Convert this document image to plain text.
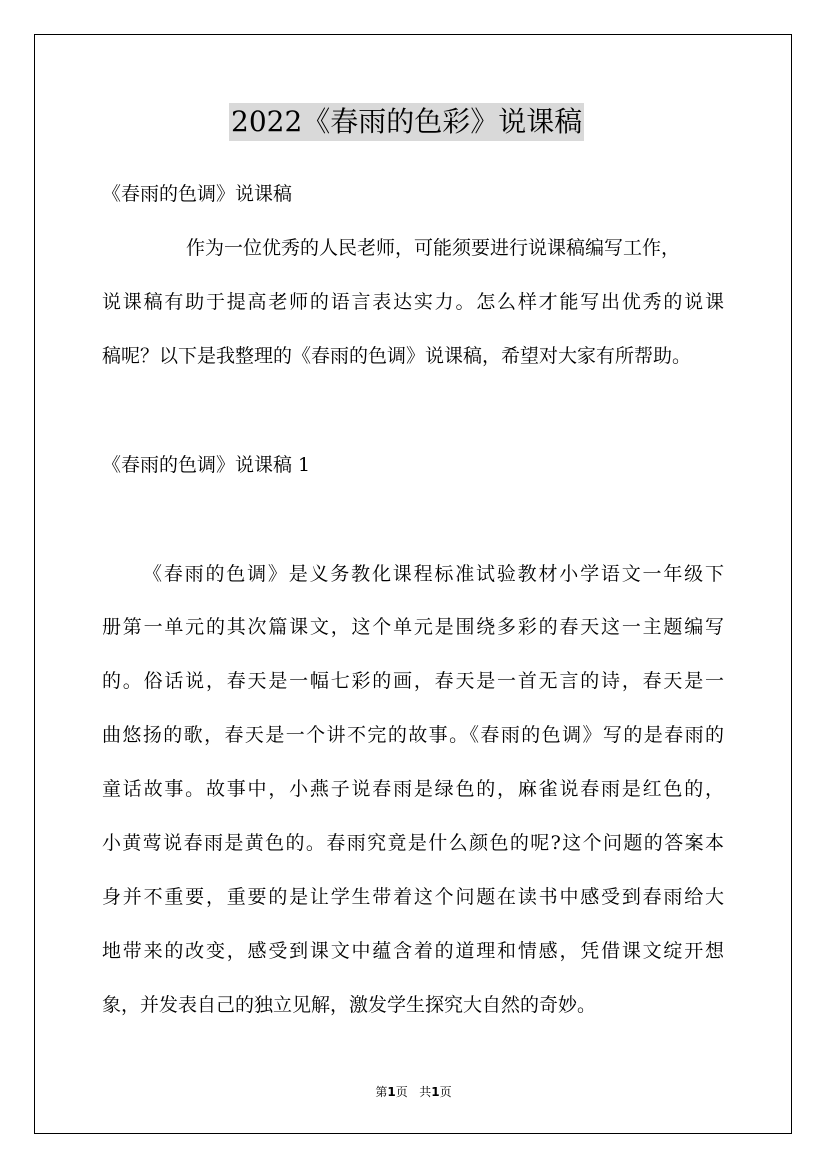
2022《春雨的色彩》说课稿
《春雨的色调》说课稿
作为一位优秀的人民老师，可能须要进行说课稿编写工作，
说课稿有助于提高老师的语言表达实力。怎么样才能写出优秀的说课
稿呢？以下是我整理的《春雨的色调》说课稿，希望对大家有所帮助。
《春雨的色调》说课稿 1
《春雨的色调》是义务教化课程标准试验教材小学语文一年级下
册第一单元的其次篇课文，这个单元是围绕多彩的春天这一主题编写
的。俗话说，春天是一幅七彩的画，春天是一首无言的诗，春天是一
曲悠扬的歌，春天是一个讲不完的故事。《春雨的色调》写的是春雨的
童话故事。故事中，小燕子说春雨是绿色的，麻雀说春雨是红色的，
小黄莺说春雨是黄色的。春雨究竟是什么颜色的呢?这个问题的答案本
身并不重要，重要的是让学生带着这个问题在读书中感受到春雨给大
地带来的改变，感受到课文中蕴含着的道理和情感，凭借课文绽开想
象，并发表自己的独立见解，激发学生探究大自然的奇妙。
第1页 共1页
